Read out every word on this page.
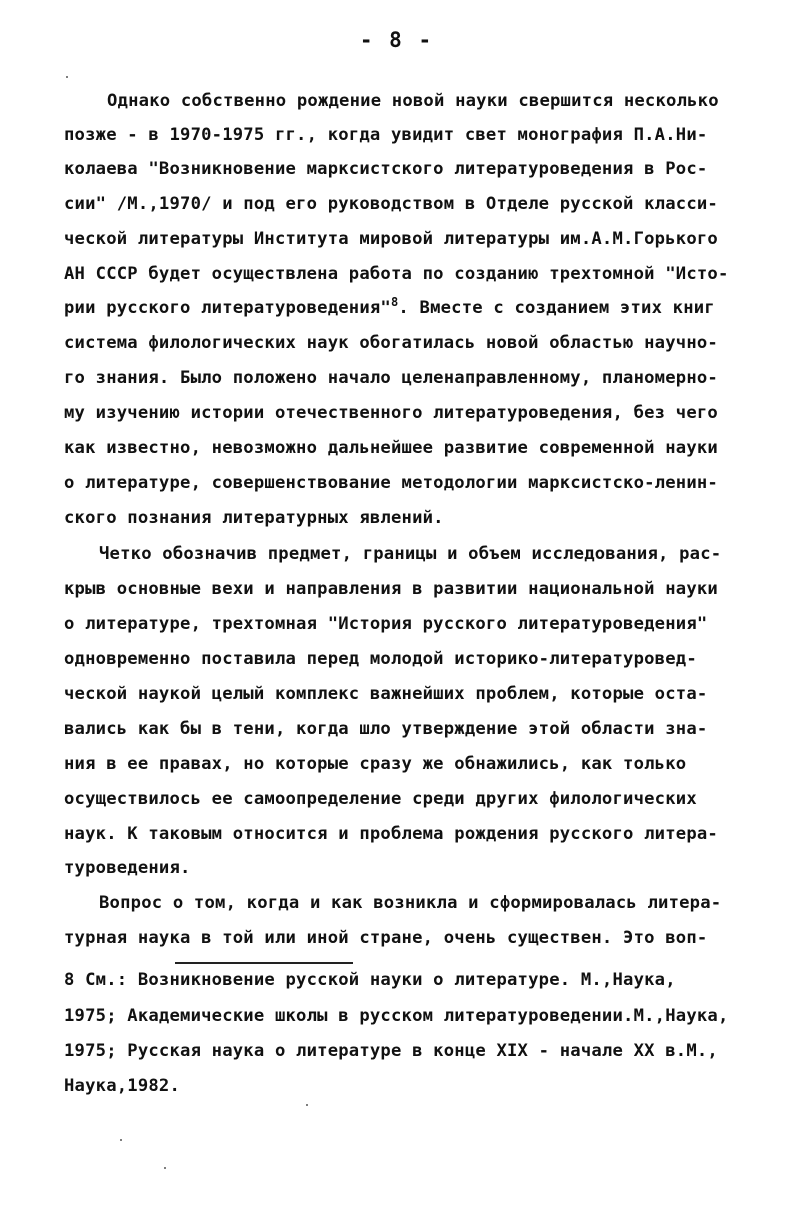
- 8 -
Однако собственно рождение новой науки свершится несколько
позже - в 1970-1975 гг., когда увидит свет монография П.А.Ни-
колаева "Возникновение марксистского литературоведения в Рос-
сии" /М.,1970/ и под его руководством в Отделе русской класси-
ческой литературы Института мировой литературы им.А.М.Горького
АН СССР будет осуществлена работа по созданию трехтомной "Исто-
рии русского литературоведения"$^8$. Вместе с созданием этих книг
система филологических наук обогатилась новой областью научно-
го знания. Было положено начало целенаправленному, планомерно-
му изучению истории отечественного литературоведения, без чего
как известно, невозможно дальнейшее развитие современной науки
о литературе, совершенствование методологии марксистско-ленин-
ского познания литературных явлений.
Четко обозначив предмет, границы и объем исследования, рас-
крыв основные вехи и направления в развитии национальной науки
о литературе, трехтомная "История русского литературоведения"
одновременно поставила перед молодой историко-литературовед-
ческой наукой целый комплекс важнейших проблем, которые оста-
вались как бы в тени, когда шло утверждение этой области зна-
ния в ее правах, но которые сразу же обнажились, как только
осуществилось ее самоопределение среди других филологических
наук. К таковым относится и проблема рождения русского литера-
туроведения.
Вопрос о том, когда и как возникла и сформировалась литера-
турная наука в той или иной стране, очень существен. Это воп-
8 См.: Возникновение русской науки о литературе. М.,Наука,
1975; Академические школы в русском литературоведении.М.,Наука,
1975; Русская наука о литературе в конце XIX - начале XX в.М.,
Наука,1982.
